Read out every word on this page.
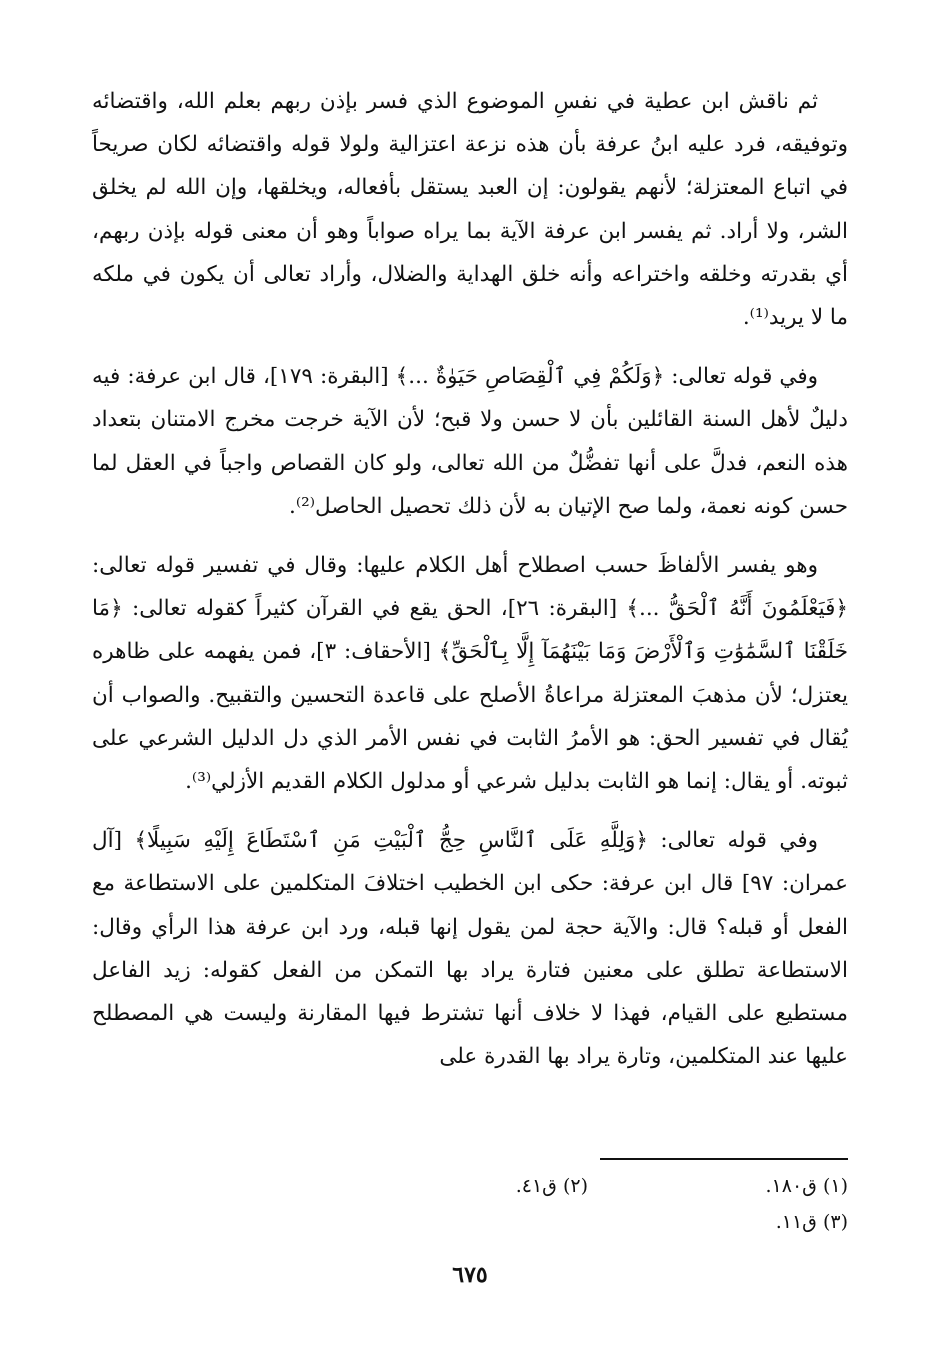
ثم ناقش ابن عطية في نفسِ الموضوع الذي فسر بإذن ربهم بعلم الله، واقتضائه وتوفيقه، فرد عليه ابنُ عرفة بأن هذه نزعة اعتزالية ولولا قوله واقتضائه لكان صريحاً في اتباع المعتزلة؛ لأنهم يقولون: إن العبد يستقل بأفعاله، ويخلقها، وإن الله لم يخلق الشر، ولا أراد. ثم يفسر ابن عرفة الآية بما يراه صواباً وهو أن معنى قوله بإذن ربهم، أي بقدرته وخلقه واختراعه وأنه خلق الهداية والضلال، وأراد تعالى أن يكون في ملكه ما لا يريد⁽¹⁾.

وفي قوله تعالى: ﴿وَلَكُمْ فِي ٱلْقِصَاصِ حَيَوٰةٌ ...﴾ [البقرة: ١٧٩]، قال ابن عرفة: فيه دليلٌ لأهل السنة القائلين بأن لا حسن ولا قبح؛ لأن الآية خرجت مخرج الامتنان بتعداد هذه النعم، فدلَّ على أنها تفضُّلٌ من الله تعالى، ولو كان القصاص واجباً في العقل لما حسن كونه نعمة، ولما صح الإتيان به لأن ذلك تحصيل الحاصل⁽²⁾.

وهو يفسر الألفاظَ حسب اصطلاح أهل الكلام عليها: وقال في تفسير قوله تعالى: ﴿فَيَعْلَمُونَ أَنَّهُ ٱلْحَقُّ ...﴾ [البقرة: ٢٦]، الحق يقع في القرآن كثيراً كقوله تعالى: ﴿مَا خَلَقْنَا ٱلسَّمَٰوَٰتِ وَٱلْأَرْضَ وَمَا بَيْنَهُمَآ إِلَّا بِٱلْحَقِّ﴾ [الأحقاف: ٣]، فمن يفهمه على ظاهره يعتزل؛ لأن مذهبَ المعتزلة مراعاةُ الأصلح على قاعدة التحسين والتقبيح. والصواب أن يُقال في تفسير الحق: هو الأمرُ الثابت في نفس الأمر الذي دل الدليل الشرعي على ثبوته. أو يقال: إنما هو الثابت بدليل شرعي أو مدلول الكلام القديم الأزلي⁽³⁾.

وفي قوله تعالى: ﴿وَلِلَّهِ عَلَى ٱلنَّاسِ حِجُّ ٱلْبَيْتِ مَنِ ٱسْتَطَاعَ إِلَيْهِ سَبِيلًا﴾ [آل عمران: ٩٧] قال ابن عرفة: حكى ابن الخطيب اختلافَ المتكلمين على الاستطاعة مع الفعل أو قبله؟ قال: والآية حجة لمن يقول إنها قبله، ورد ابن عرفة هذا الرأي وقال: الاستطاعة تطلق على معنين فتارة يراد بها التمكن من الفعل كقوله: زيد الفاعل مستطيع على القيام، فهذا لا خلاف أنها تشترط فيها المقارنة وليست هي المصطلح عليها عند المتكلمين، وتارة يراد بها القدرة على

(١) ق١٨٠.
(٢) ق٤١.
(٣) ق١١.
٦٧٥
